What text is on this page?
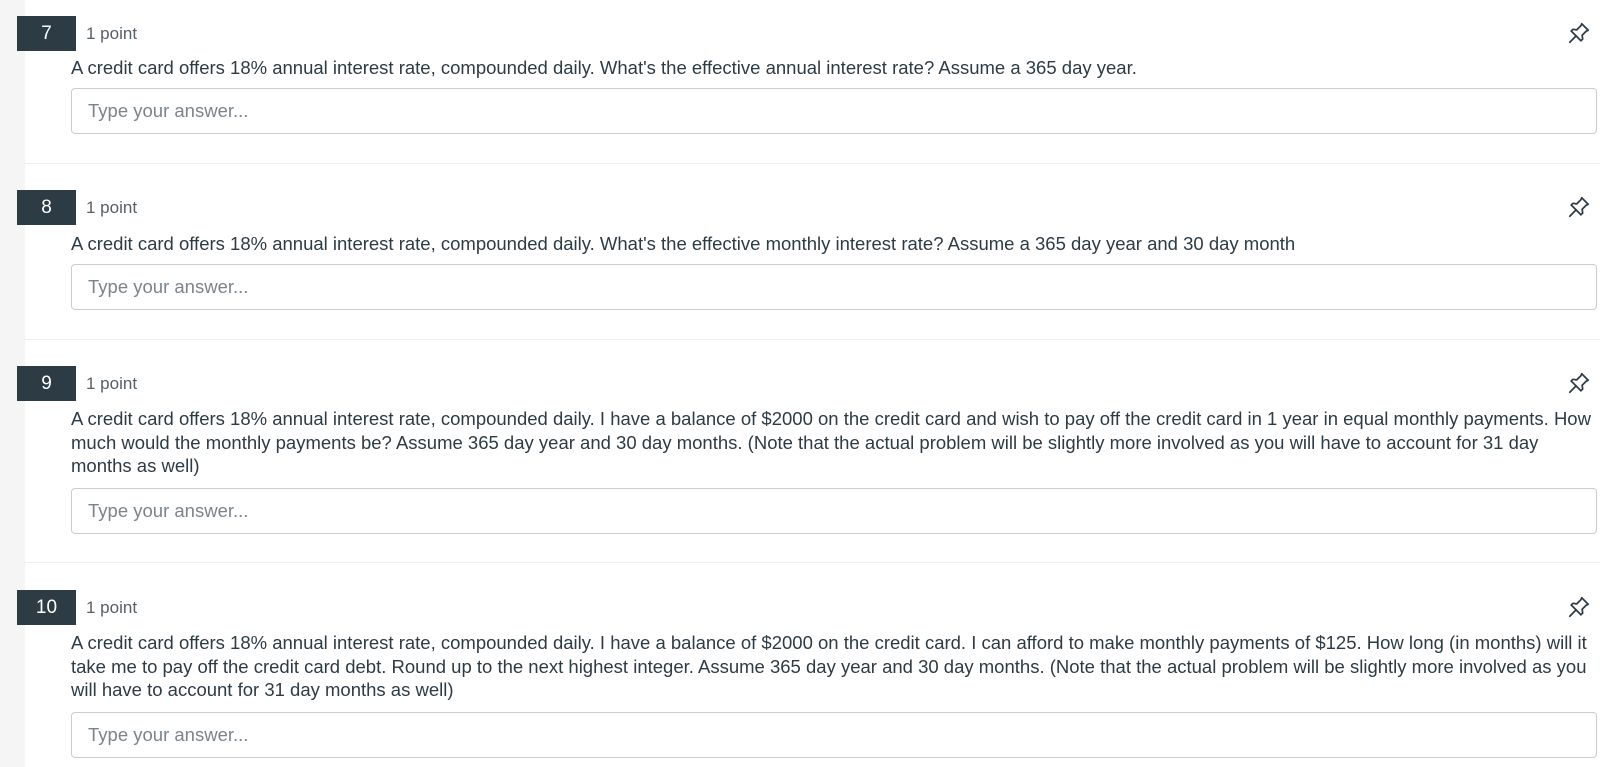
7	1 point
A credit card offers 18% annual interest rate, compounded daily. What's the effective annual interest rate? Assume a 365 day year.
Type your answer...
8	1 point
A credit card offers 18% annual interest rate, compounded daily. What's the effective monthly interest rate? Assume a 365 day year and 30 day month
Type your answer...
9	1 point
A credit card offers 18% annual interest rate, compounded daily. I have a balance of $2000 on the credit card and wish to pay off the credit card in 1 year in equal monthly payments. How much would the monthly payments be? Assume 365 day year and 30 day months. (Note that the actual problem will be slightly more involved as you will have to account for 31 day months as well)
Type your answer...
10	1 point
A credit card offers 18% annual interest rate, compounded daily. I have a balance of $2000 on the credit card. I can afford to make monthly payments of $125. How long (in months) will it take me to pay off the credit card debt. Round up to the next highest integer. Assume 365 day year and 30 day months. (Note that the actual problem will be slightly more involved as you will have to account for 31 day months as well)
Type your answer...
